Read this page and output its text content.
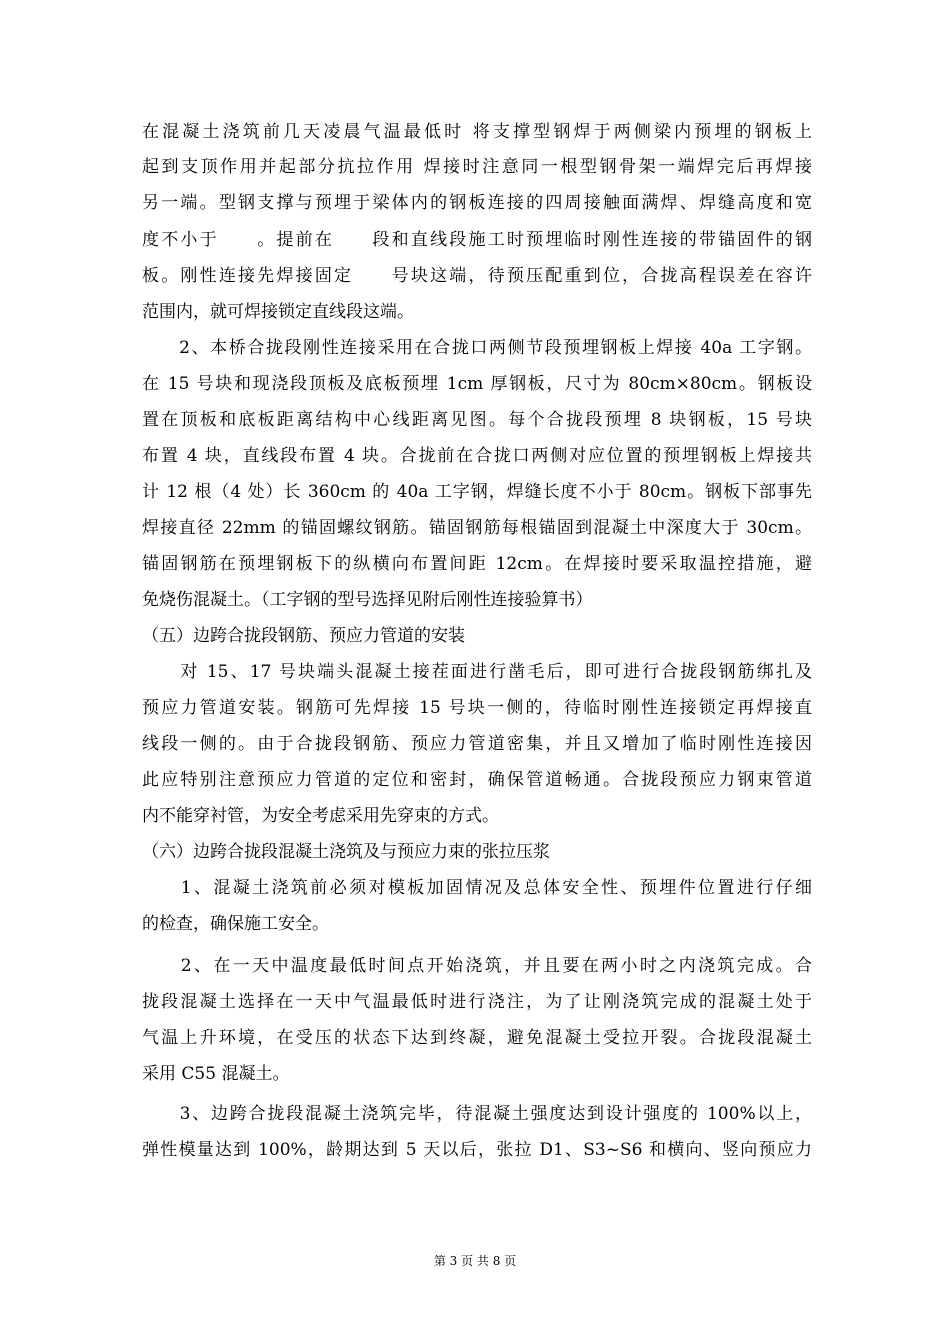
在混凝土浇筑前几天凌晨气温最低时 将支撑型钢焊于两侧梁内预埋的钢板上
起到支顶作用并起部分抗拉作用 焊接时注意同一根型钢骨架一端焊完后再焊接
另一端。型钢支撑与预埋于梁体内的钢板连接的四周接触面满焊、焊缝高度和宽
度不小于　　。提前在　　段和直线段施工时预埋临时刚性连接的带锚固件的钢
板。刚性连接先焊接固定　　号块这端，待预压配重到位，合拢高程误差在容许
范围内，就可焊接锁定直线段这端。
　　2、本桥合拢段刚性连接采用在合拢口两侧节段预埋钢板上焊接 40a 工字钢。
在 15 号块和现浇段顶板及底板预埋 1cm 厚钢板，尺寸为 80cm×80cm。钢板设
置在顶板和底板距离结构中心线距离见图。每个合拢段预埋 8 块钢板，15 号块
布置 4 块，直线段布置 4 块。合拢前在合拢口两侧对应位置的预埋钢板上焊接共
计 12 根（4 处）长 360cm 的 40a 工字钢，焊缝长度不小于 80cm。钢板下部事先
焊接直径 22mm 的锚固螺纹钢筋。锚固钢筋每根锚固到混凝土中深度大于 30cm。
锚固钢筋在预埋钢板下的纵横向布置间距 12cm。在焊接时要采取温控措施，避
免烧伤混凝土。（工字钢的型号选择见附后刚性连接验算书）
（五）边跨合拢段钢筋、预应力管道的安装
　　对 15、17 号块端头混凝土接茬面进行凿毛后，即可进行合拢段钢筋绑扎及
预应力管道安装。钢筋可先焊接 15 号块一侧的，待临时刚性连接锁定再焊接直
线段一侧的。由于合拢段钢筋、预应力管道密集，并且又增加了临时刚性连接因
此应特别注意预应力管道的定位和密封，确保管道畅通。合拢段预应力钢束管道
内不能穿衬管，为安全考虑采用先穿束的方式。
（六）边跨合拢段混凝土浇筑及与预应力束的张拉压浆
　　1、混凝土浇筑前必须对模板加固情况及总体安全性、预埋件位置进行仔细
的检查，确保施工安全。
　　2、在一天中温度最低时间点开始浇筑，并且要在两小时之内浇筑完成。合
拢段混凝土选择在一天中气温最低时进行浇注，为了让刚浇筑完成的混凝土处于
气温上升环境，在受压的状态下达到终凝，避免混凝土受拉开裂。合拢段混凝土
采用 C55 混凝土。
　　3、边跨合拢段混凝土浇筑完毕，待混凝土强度达到设计强度的 100%以上，
弹性模量达到 100%，龄期达到 5 天以后，张拉 D1、S3~S6 和横向、竖向预应力
第 3 页 共 8 页
